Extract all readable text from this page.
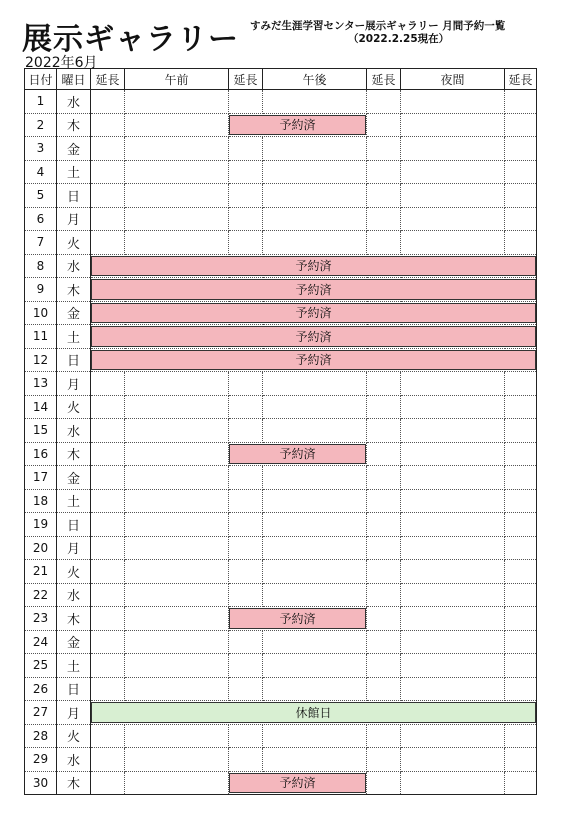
展示ギャラリー すみだ生涯学習センター展示ギャラリー 月間予約一覧
（2022.2.25現在）
2022年6月
日付	曜日	延長	午前	延長	午後	延長	夜間	延長
1	水							
2	木			予約済				

3	金							
4	土							
5	日							
6	月							
7	火							
8	水	予約済						

9	木	予約済						

10	金	予約済						

11	土	予約済						

12	日	予約済						

13	月							
14	火							
15	水							
16	木			予約済				

17	金							
18	土							
19	日							
20	月							
21	火							
22	水							
23	木			予約済				

24	金							
25	土							
26	日							
27	月	休館日						

28	火							
29	水							
30	木			予約済				
